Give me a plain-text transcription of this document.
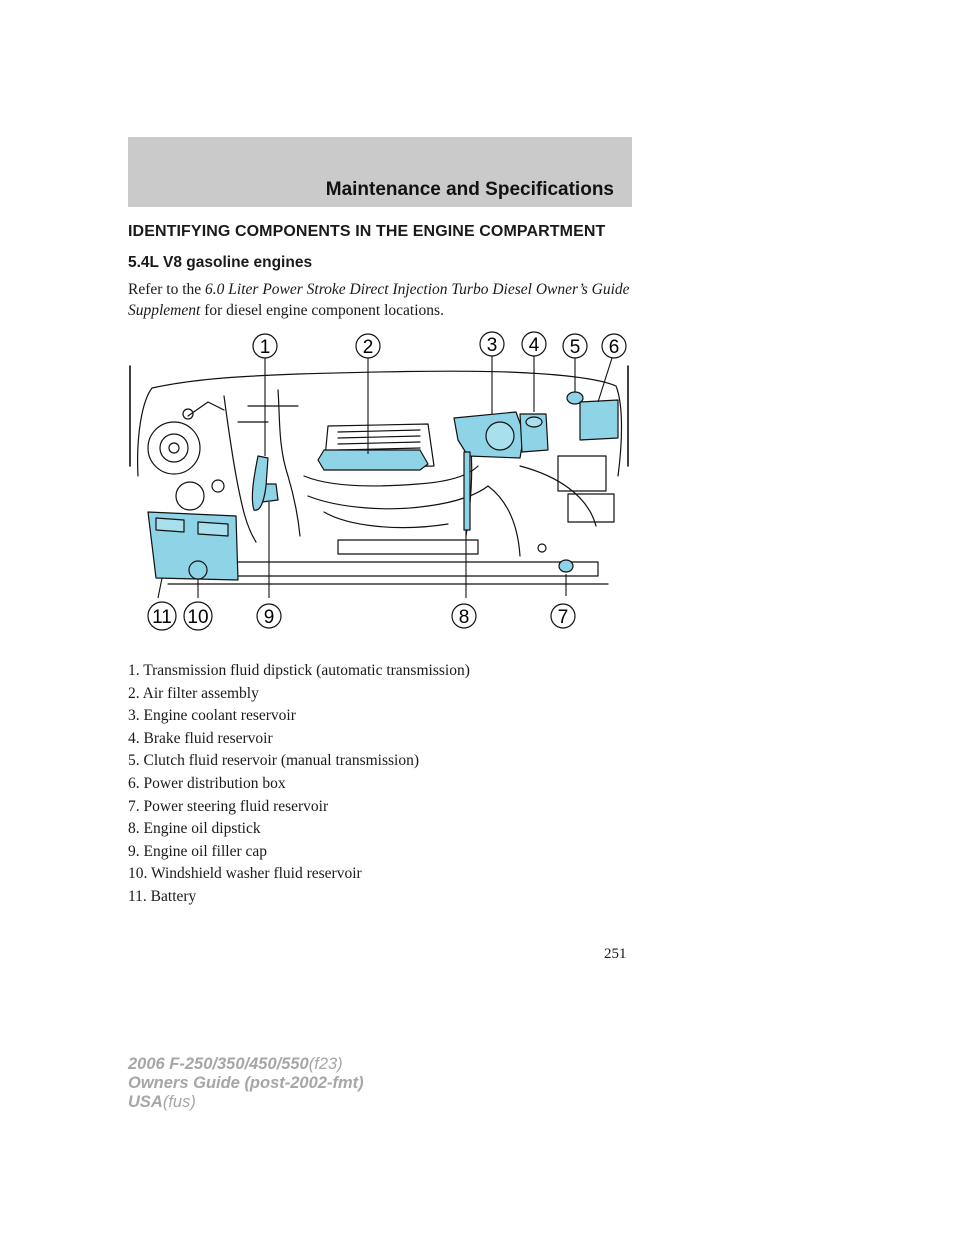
Maintenance and Specifications
IDENTIFYING COMPONENTS IN THE ENGINE COMPARTMENT
5.4L V8 gasoline engines
Refer to the 6.0 Liter Power Stroke Direct Injection Turbo Diesel Owner’s Guide Supplement for diesel engine component locations.
1	2	3 4 5 6
7
8
9
10
11
1. Transmission fluid dipstick (automatic transmission)
2. Air filter assembly
3. Engine coolant reservoir
4. Brake fluid reservoir
5. Clutch fluid reservoir (manual transmission)
6. Power distribution box
7. Power steering fluid reservoir
8. Engine oil dipstick
9. Engine oil filler cap
10. Windshield washer fluid reservoir
11. Battery
251
2006 F-250/350/450/550(f23)
Owners Guide (post-2002-fmt)
USA(fus)
